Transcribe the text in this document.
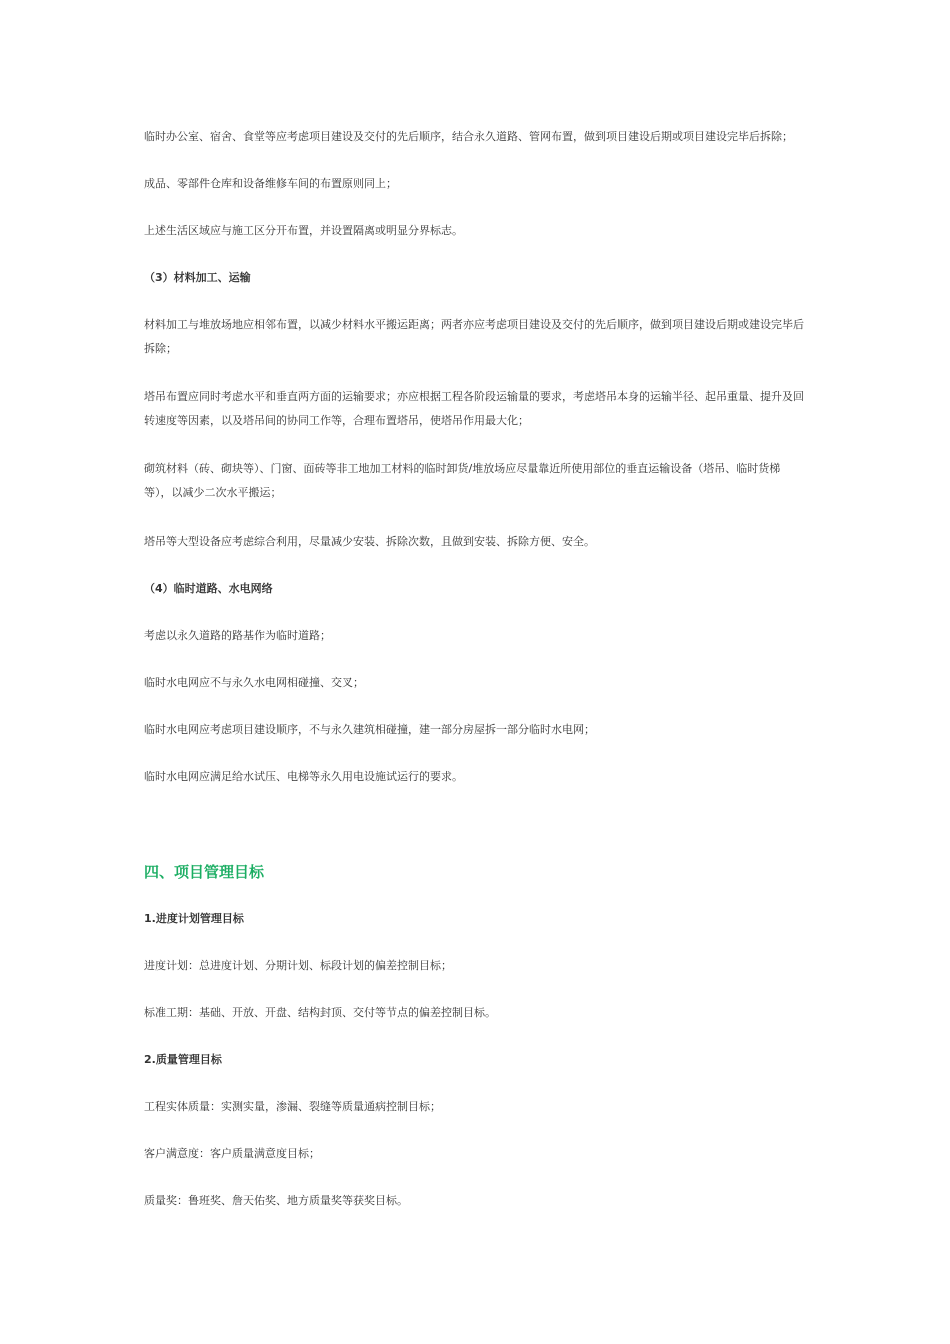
临时办公室、宿舍、食堂等应考虑项目建设及交付的先后顺序，结合永久道路、管网布置，做到项目建设后期或项目建设完毕后拆除；

成品、零部件仓库和设备维修车间的布置原则同上；

上述生活区域应与施工区分开布置，并设置隔离或明显分界标志。

（3）材料加工、运输

材料加工与堆放场地应相邻布置，以减少材料水平搬运距离；两者亦应考虑项目建设及交付的先后顺序，做到项目建设后期或建设完毕后拆除；

塔吊布置应同时考虑水平和垂直两方面的运输要求；亦应根据工程各阶段运输量的要求，考虑塔吊本身的运输半径、起吊重量、提升及回转速度等因素，以及塔吊间的协同工作等，合理布置塔吊，使塔吊作用最大化；

砌筑材料（砖、砌块等）、门窗、面砖等非工地加工材料的临时卸货/堆放场应尽量靠近所使用部位的垂直运输设备（塔吊、临时货梯等），以减少二次水平搬运；

塔吊等大型设备应考虑综合利用，尽量减少安装、拆除次数，且做到安装、拆除方便、安全。

（4）临时道路、水电网络

考虑以永久道路的路基作为临时道路；

临时水电网应不与永久水电网相碰撞、交叉；

临时水电网应考虑项目建设顺序，不与永久建筑相碰撞，建一部分房屋拆一部分临时水电网；

临时水电网应满足给水试压、电梯等永久用电设施试运行的要求。

四、项目管理目标

1.进度计划管理目标

进度计划：总进度计划、分期计划、标段计划的偏差控制目标；

标准工期：基础、开放、开盘、结构封顶、交付等节点的偏差控制目标。

2.质量管理目标

工程实体质量：实测实量，渗漏、裂缝等质量通病控制目标；

客户满意度：客户质量满意度目标；

质量奖：鲁班奖、詹天佑奖、地方质量奖等获奖目标。
